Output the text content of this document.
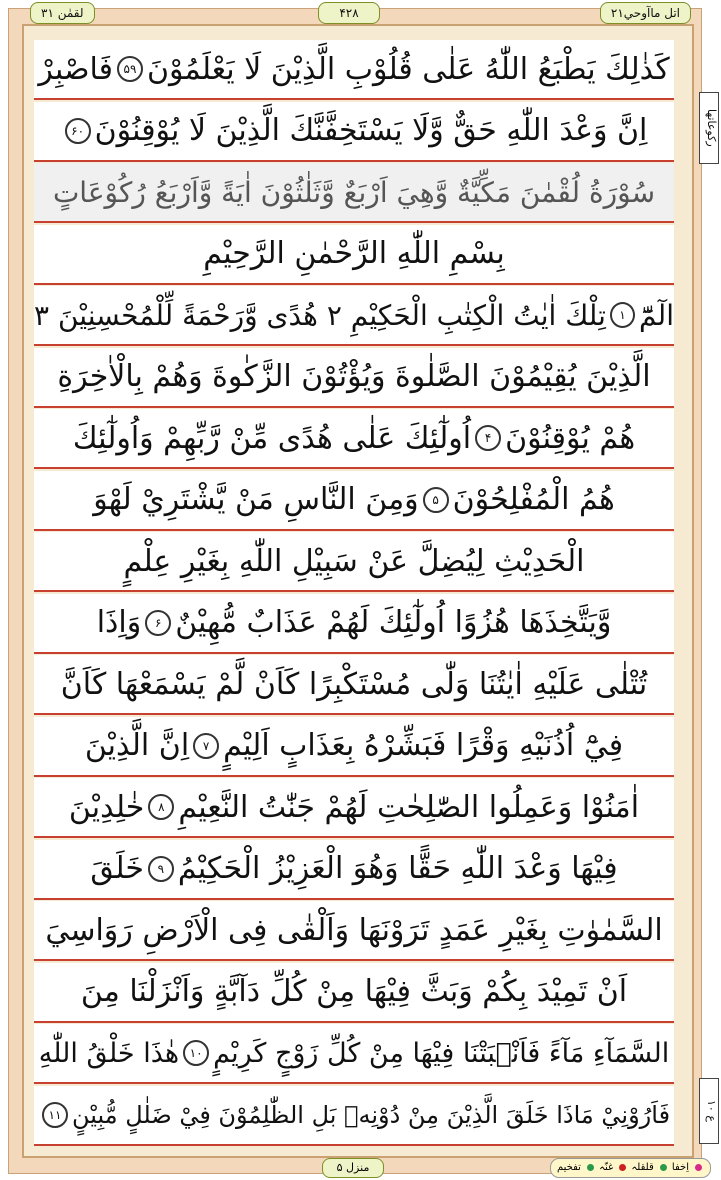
لقمٰن ۳۱	۴۲۸	اتل ماآوحي۲۱
رکوعاتها
ع ۱۰
كَذٰلِكَ يَطْبَعُ اللّٰهُ عَلٰى قُلُوْبِ الَّذِيْنَ لَا يَعْلَمُوْنَ
۵۹
فَاصْبِرْ
اِنَّ وَعْدَ اللّٰهِ حَقٌّ وَّلَا يَسْتَخِفَّنَّكَ الَّذِيْنَ لَا يُوْقِنُوْنَ
۶۰
سُوْرَةُ لُقْمٰنَ مَكِّيَّةٌ وَّهِيَ اَرْبَعٌ وَّثَلٰثُوْنَ اٰيَةً وَّاَرْبَعُ رُكُوْعَاتٍ
بِسْمِ اللّٰهِ الرَّحْمٰنِ الرَّحِيْمِ
الٓمّٓ
۱
تِلْكَ اٰيٰتُ الْكِتٰبِ الْحَكِيْمِ ۲ هُدًى وَّرَحْمَةً لِّلْمُحْسِنِيْنَ ۳
الَّذِيْنَ يُقِيْمُوْنَ الصَّلٰوةَ وَيُؤْتُوْنَ الزَّكٰوةَ وَهُمْ بِالْاٰخِرَةِ
هُمْ يُوْقِنُوْنَ
۴
اُولٰٓئِكَ عَلٰى هُدًى مِّنْ رَّبِّهِمْ وَاُولٰٓئِكَ
هُمُ الْمُفْلِحُوْنَ
۵
وَمِنَ النَّاسِ مَنْ يَّشْتَرِيْ لَهْوَ
الْحَدِيْثِ لِيُضِلَّ عَنْ سَبِيْلِ اللّٰهِ بِغَيْرِ عِلْمٍ
وَّيَتَّخِذَهَا هُزُوًا اُولٰٓئِكَ لَهُمْ عَذَابٌ مُّهِيْنٌ
۶
وَاِذَا
تُتْلٰى عَلَيْهِ اٰيٰتُنَا وَلّٰى مُسْتَكْبِرًا كَاَنْ لَّمْ يَسْمَعْهَا كَاَنَّ
فِيْٓ اُذُنَيْهِ وَقْرًا فَبَشِّرْهُ بِعَذَابٍ اَلِيْمٍ
۷
اِنَّ الَّذِيْنَ
اٰمَنُوْا وَعَمِلُوا الصّٰلِحٰتِ لَهُمْ جَنّٰتُ النَّعِيْمِ
۸
خٰلِدِيْنَ
فِيْهَا وَعْدَ اللّٰهِ حَقًّا وَهُوَ الْعَزِيْزُ الْحَكِيْمُ
۹
خَلَقَ
السَّمٰوٰتِ بِغَيْرِ عَمَدٍ تَرَوْنَهَا وَاَلْقٰى فِى الْاَرْضِ رَوَاسِيَ
اَنْ تَمِيْدَ بِكُمْ وَبَثَّ فِيْهَا مِنْ كُلِّ دَآبَّةٍ وَاَنْزَلْنَا مِنَ
السَّمَآءِ مَآءً فَاَنْۢبَتْنَا فِيْهَا مِنْ كُلِّ زَوْجٍ كَرِيْمٍ
۱۰
هٰذَا خَلْقُ اللّٰهِ
فَاَرُوْنِيْ مَاذَا خَلَقَ الَّذِيْنَ مِنْ دُوْنِهٖ بَلِ الظّٰلِمُوْنَ فِيْ ضَلٰلٍ مُّبِيْنٍ
۱۱
منزل ۵	اِخفا قلقلہ غنّہ تفخیم
